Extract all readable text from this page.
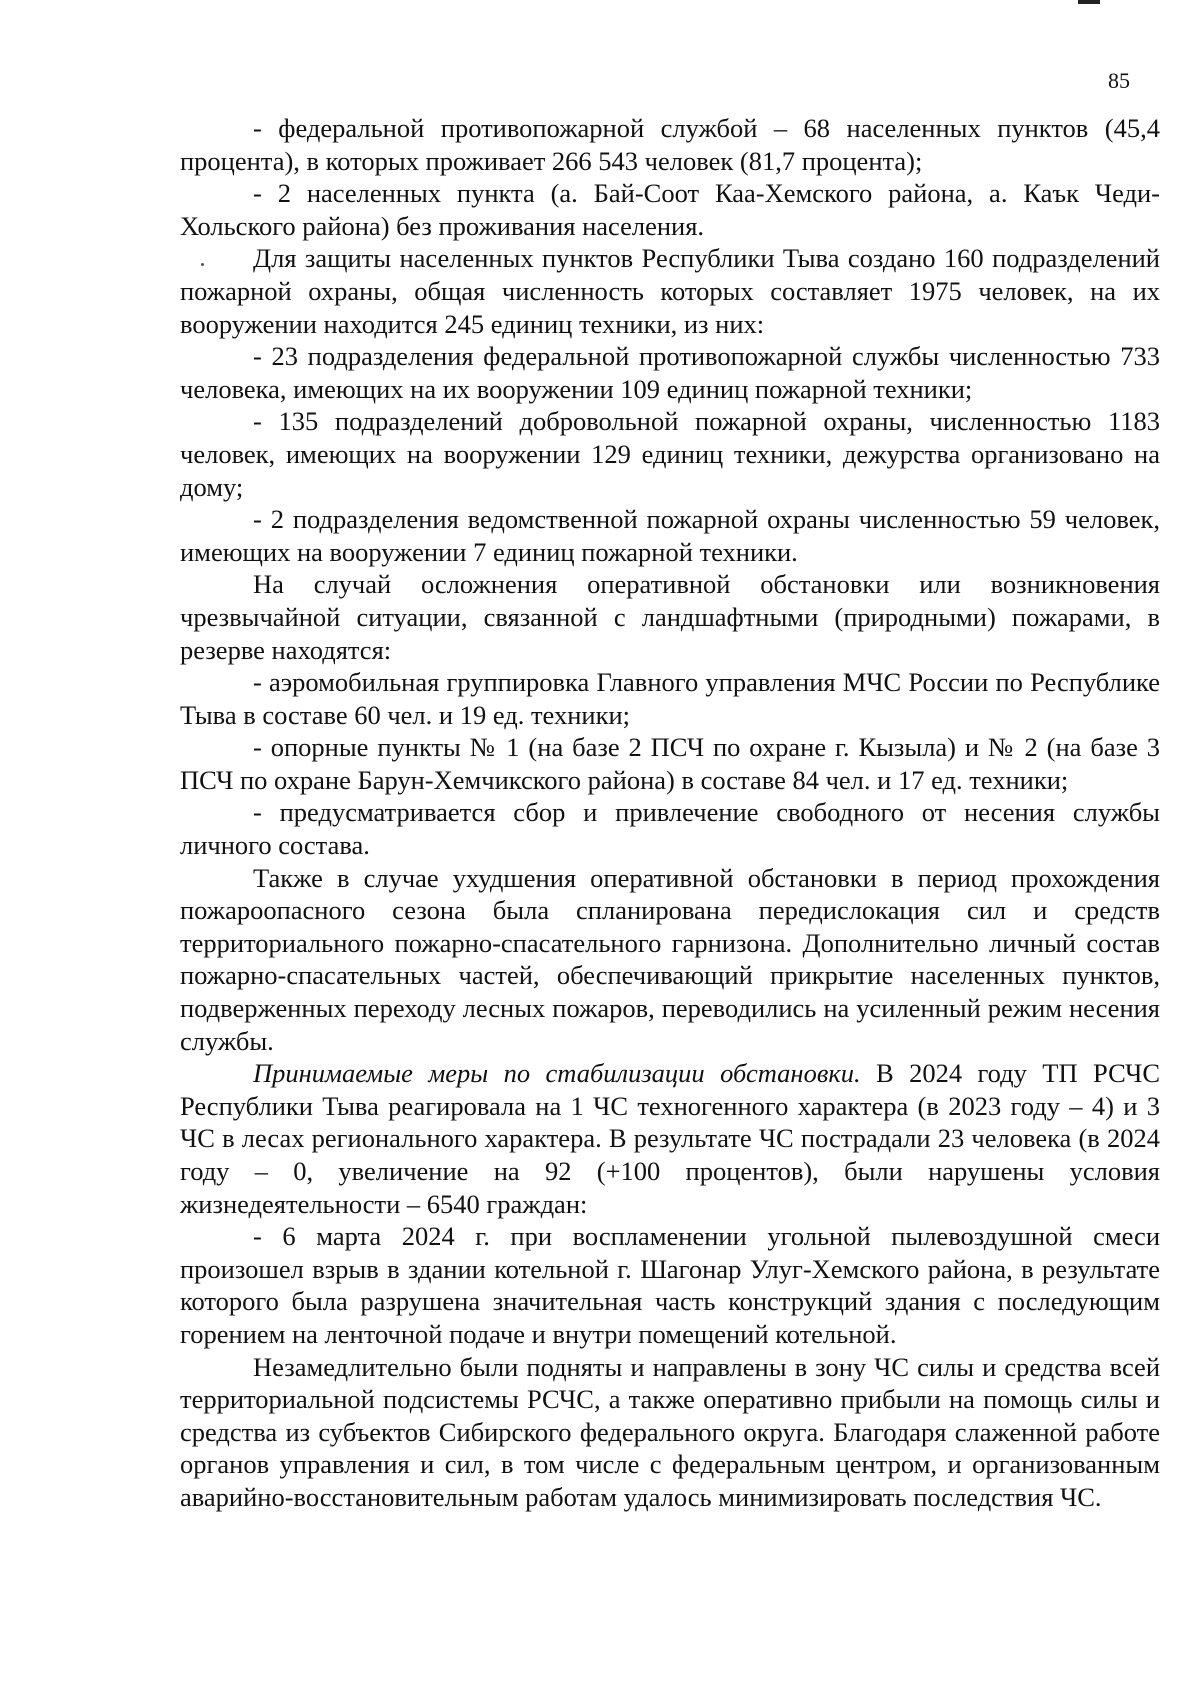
85

- федеральной противопожарной службой – 68 населенных пунктов (45,4 процента), в которых проживает 266 543 человек (81,7 процента);

- 2 населенных пункта (а. Бай-Соот Каа-Хемского района, а. Каък Чеди-Хольского района) без проживания населения.

Для защиты населенных пунктов Республики Тыва создано 160 подразделений пожарной охраны, общая численность которых составляет 1975 человек, на их вооружении находится 245 единиц техники, из них:

- 23 подразделения федеральной противопожарной службы численностью 733 человека, имеющих на их вооружении 109 единиц пожарной техники;

- 135 подразделений добровольной пожарной охраны, численностью 1183 человек, имеющих на вооружении 129 единиц техники, дежурства организовано на дому;

- 2 подразделения ведомственной пожарной охраны численностью 59 человек, имеющих на вооружении 7 единиц пожарной техники.

На случай осложнения оперативной обстановки или возникновения чрезвычайной ситуации, связанной с ландшафтными (природными) пожарами, в резерве находятся:

- аэромобильная группировка Главного управления МЧС России по Республике Тыва в составе 60 чел. и 19 ед. техники;

- опорные пункты № 1 (на базе 2 ПСЧ по охране г. Кызыла) и № 2 (на базе 3 ПСЧ по охране Барун-Хемчикского района) в составе 84 чел. и 17 ед. техники;

- предусматривается сбор и привлечение свободного от несения службы личного состава.

Также в случае ухудшения оперативной обстановки в период прохождения пожароопасного сезона была спланирована передислокация сил и средств территориального пожарно-спасательного гарнизона. Дополнительно личный состав пожарно-спасательных частей, обеспечивающий прикрытие населенных пунктов, подверженных переходу лесных пожаров, переводились на усиленный режим несения службы.

Принимаемые меры по стабилизации обстановки. В 2024 году ТП РСЧС Республики Тыва реагировала на 1 ЧС техногенного характера (в 2023 году – 4) и 3 ЧС в лесах регионального характера. В результате ЧС пострадали 23 человека (в 2024 году – 0, увеличение на 92 (+100 процентов), были нарушены условия жизнедеятельности – 6540 граждан:

- 6 марта 2024 г. при воспламенении угольной пылевоздушной смеси произошел взрыв в здании котельной г. Шагонар Улуг-Хемского района, в результате которого была разрушена значительная часть конструкций здания с последующим горением на ленточной подаче и внутри помещений котельной.

Незамедлительно были подняты и направлены в зону ЧС силы и средства всей территориальной подсистемы РСЧС, а также оперативно прибыли на помощь силы и средства из субъектов Сибирского федерального округа. Благодаря слаженной работе органов управления и сил, в том числе с федеральным центром, и организованным аварийно-восстановительным работам удалось минимизировать последствия ЧС.
